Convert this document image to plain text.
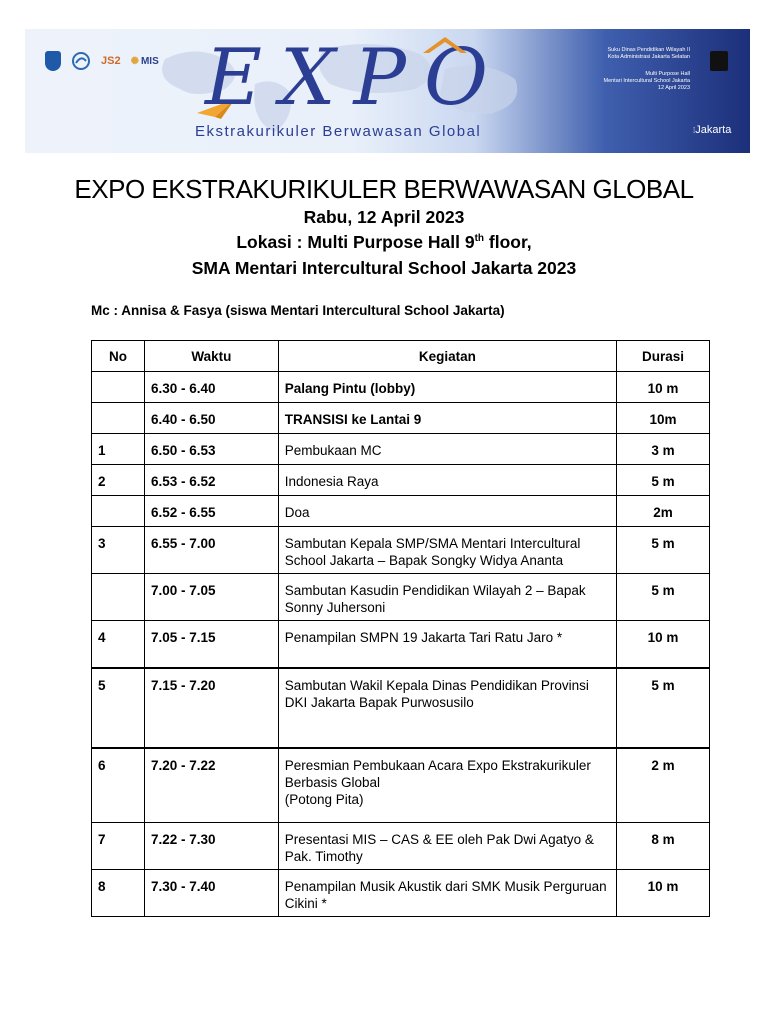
JS2 ✺ MIS EXPO
Ekstrakurikuler Berwawasan Global
Suku Dinas Pendidikan Wilayah II
Kota Administrasi Jakarta Selatan
Multi Purpose Hall
Mentari Intercultural School Jakarta
12 April 2023
⁞Jakarta
EXPO EKSTRAKURIKULER BERWAWASAN GLOBAL
Rabu, 12 April 2023
Lokasi : Multi Purpose Hall 9th floor,
SMA Mentari Intercultural School Jakarta 2023
Mc : Annisa & Fasya (siswa Mentari Intercultural School Jakarta)
No	Waktu	Kegiatan	Durasi
	6.30 - 6.40	Palang Pintu (lobby)	10 m
	6.40 - 6.50	TRANSISI ke Lantai 9	10m
1	6.50 - 6.53	Pembukaan MC	3 m
2	6.53 - 6.52	Indonesia Raya	5 m
	6.52 - 6.55	Doa	2m
3	6.55 - 7.00	Sambutan Kepala SMP/SMA Mentari Intercultural School Jakarta – Bapak Songky Widya Ananta	5 m
	7.00 - 7.05	Sambutan Kasudin Pendidikan Wilayah 2 – Bapak Sonny Juhersoni	5 m
4	7.05 - 7.15	Penampilan SMPN 19 Jakarta Tari Ratu Jaro *	10 m
5	7.15 - 7.20	Sambutan Wakil Kepala Dinas Pendidikan Provinsi DKI Jakarta Bapak Purwosusilo	5 m
6	7.20 - 7.22	Peresmian Pembukaan Acara Expo Ekstrakurikuler Berbasis Global
(Potong Pita)	2 m
7	7.22 - 7.30	Presentasi MIS – CAS & EE oleh Pak Dwi Agatyo & Pak. Timothy	8 m
8	7.30 - 7.40	Penampilan Musik Akustik dari SMK Musik Perguruan Cikini *	10 m
